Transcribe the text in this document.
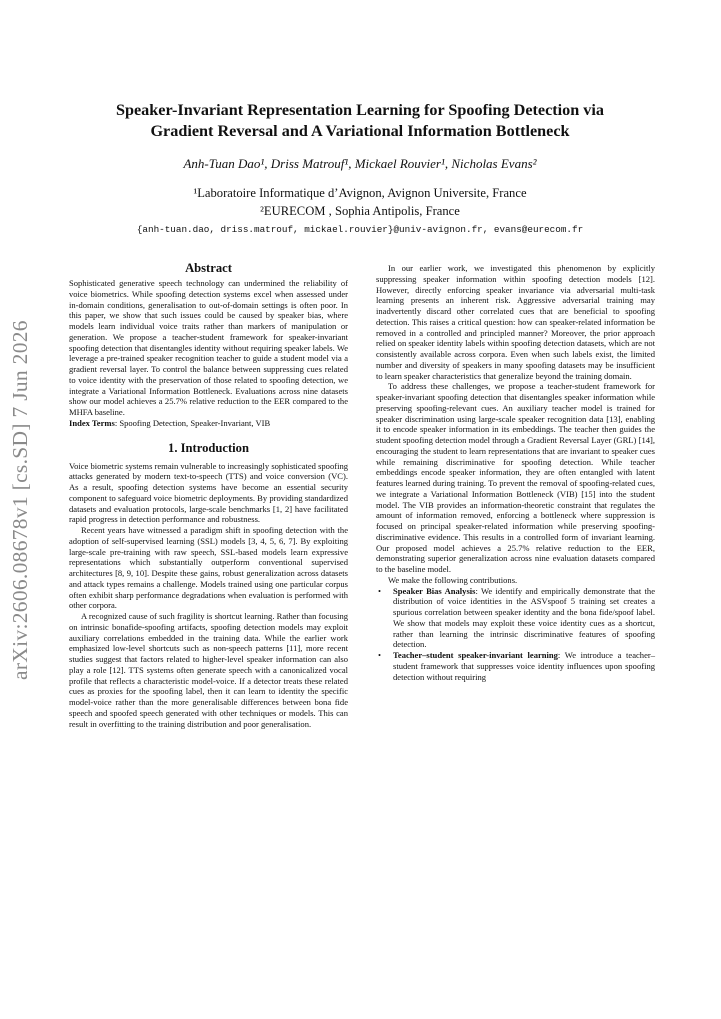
arXiv:2606.08678v1 [cs.SD] 7 Jun 2026
Speaker-Invariant Representation Learning for Spoofing Detection via
Gradient Reversal and A Variational Information Bottleneck
Anh-Tuan Dao¹, Driss Matrouf¹, Mickael Rouvier¹, Nicholas Evans²
¹Laboratoire Informatique d’Avignon, Avignon Universite, France
²EURECOM , Sophia Antipolis, France
{anh-tuan.dao, driss.matrouf, mickael.rouvier}@univ-avignon.fr, evans@eurecom.fr
Abstract

Sophisticated generative speech technology can undermined the reliability of voice biometrics. While spoofing detection systems excel when assessed under in-domain conditions, generalisation to out-of-domain settings is often poor. In this paper, we show that such issues could be caused by speaker bias, where models learn individual voice traits rather than markers of manipulation or generation. We propose a teacher-student framework for speaker-invariant spoofing detection that disentangles identity without requiring speaker labels. We leverage a pre-trained speaker recognition teacher to guide a student model via a gradient reversal layer. To control the balance between suppressing cues related to voice identity with the preservation of those related to spoofing detection, we integrate a Variational Information Bottleneck. Evaluations across nine datasets show our model achieves a 25.7% relative reduction to the EER compared to the MHFA baseline.

Index Terms: Spoofing Detection, Speaker-Invariant, VIB

1. Introduction

Voice biometric systems remain vulnerable to increasingly sophisticated spoofing attacks generated by modern text-to-speech (TTS) and voice conversion (VC). As a result, spoofing detection systems have become an essential security component to safeguard voice biometric deployments. By providing standardized datasets and evaluation protocols, large-scale benchmarks [1, 2] have facilitated rapid progress in detection performance and robustness.

Recent years have witnessed a paradigm shift in spoofing detection with the adoption of self-supervised learning (SSL) models [3, 4, 5, 6, 7]. By exploiting large-scale pre-training with raw speech, SSL-based models learn expressive representations which substantially outperform conventional supervised architectures [8, 9, 10]. Despite these gains, robust generalization across datasets and attack types remains a challenge. Models trained using one particular corpus often exhibit sharp performance degradations when evaluation is performed with other corpora.

A recognized cause of such fragility is shortcut learning. Rather than focusing on intrinsic bonafide-spoofing artifacts, spoofing detection models may exploit auxiliary correlations embedded in the training data. While the earlier work emphasized low-level shortcuts such as non-speech patterns [11], more recent studies suggest that factors related to higher-level speaker information can also play a role [12]. TTS systems often generate speech with a canonicalized vocal profile that reflects a characteristic model-voice. If a detector treats these related cues as proxies for the spoofing label, then it can learn to identity the specific model-voice rather than the more generalisable differences between bona fide speech and spoofed speech generated with other techniques or models. This can result in overfitting to the training distribution and poor generalisation.

In our earlier work, we investigated this phenomenon by explicitly suppressing speaker information within spoofing detection models [12]. However, directly enforcing speaker invariance via adversarial multi-task learning presents an inherent risk. Aggressive adversarial training may inadvertently discard other correlated cues that are beneficial to spoofing detection. This raises a critical question: how can speaker-related information be removed in a controlled and principled manner? Moreover, the prior approach relied on speaker identity labels within spoofing detection datasets, which are not consistently available across corpora. Even when such labels exist, the limited number and diversity of speakers in many spoofing datasets may be insufficient to learn speaker characteristics that generalize beyond the training domain.

To address these challenges, we propose a teacher-student framework for speaker-invariant spoofing detection that disentangles speaker information while preserving spoofing-relevant cues. An auxiliary teacher model is trained for speaker discrimination using large-scale speaker recognition data [13], enabling it to encode speaker information in its embeddings. The teacher then guides the student spoofing detection model through a Gradient Reversal Layer (GRL) [14], encouraging the student to learn representations that are invariant to speaker cues while remaining discriminative for spoofing detection. While teacher embeddings encode speaker information, they are often entangled with latent features learned during training. To prevent the removal of spoofing-related cues, we integrate a Variational Information Bottleneck (VIB) [15] into the student model. The VIB provides an information-theoretic constraint that regulates the amount of information removed, enforcing a bottleneck where suppression is focused on principal speaker-related information while preserving spoofing-discriminative evidence. This results in a controlled form of invariant learning. Our proposed model achieves a 25.7% relative reduction to the EER, demonstrating superior generalization across nine evaluation datasets compared to the baseline model.

We make the following contributions.

• Speaker Bias Analysis: We identify and empirically demonstrate that the distribution of voice identities in the ASVspoof 5 training set creates a spurious correlation between speaker identity and the bona fide/spoof label. We show that models may exploit these voice identity cues as a shortcut, rather than learning the intrinsic discriminative features of spoofing detection.
• Teacher–student speaker-invariant learning: We introduce a teacher–student framework that suppresses voice identity influences upon spoofing detection without requiring
